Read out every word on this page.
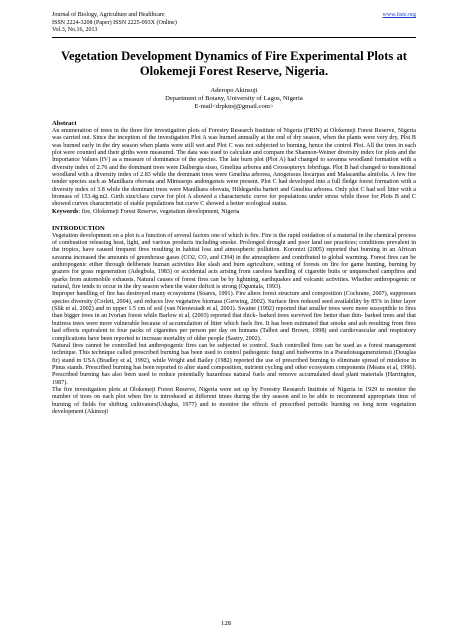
Journal of Biology, Agriculture and Healthcare	www.iiste.org
ISSN 2224-3208 (Paper) ISSN 2225-093X (Online)
Vol.3, No.16, 2013
Vegetation Development Dynamics of Fire Experimental Plots at Olokemeji Forest Reserve, Nigeria.
Aderopo Akinsoji
Department of Botany, University of Lagos, Nigeria
E-mail<drpknsj@gmail.com>
Abstract

An enumeration of trees in the three fire investigation plots of Forestry Research Institute of Nigeria (FRIN) at Olokemeji Forest Reserve, Nigeria was carried out. Since the inception of the investigation Plot A was burned annually at the end of dry season, when the plants were very dry, Plot B was burned early in the dry season when plants were still wet and Plot C was not subjected to burning, hence the control Plot. All the trees in each plot were counted and their girths were measured. The data was used to calculate and compare the Shannon-Weiner diversity index for plots and the Importance Values (IV) as a measure of dominance of the species. The late burn plot (Plot A) had changed to savanna woodland formation with a diversity index of 2.76 and the dominant trees were Dalbergia sisso, Gmelina arborea and Crossopteryx febrifuga. Plot B had changed to transitional woodland with a diversity index of 2.83 while the dominant trees were Gmelina arborea, Anogeissus liocarpus and Malacantha alnifolia. A few fire tender species such as Manilkara obovata and Mimusops andongensis were present. Plot C had developed into a full fledge forest formation with a diversity index of 3.8 while the dominant trees were Manilkara obovata, Hildegardia barteri and Gmelina arborea. Only plot C had soil litter with a biomass of 153.4g.m2. Girth size/class curve for plot A showed a characteristic curve for populations under stress while those for Plots B and C showed curves characteristic of stable populations but curve C showed a better ecological status.

Keywords: fire, Olokemeji Forest Reserve, vegetation development, Nigeria

INTRODUCTION

Vegetation development on a plot is a function of several factors one of which is fire. Fire is the rapid oxidation of a material in the chemical process of combustion releasing heat, light, and various products including smoke. Prolonged drought and poor land use practices; conditions prevalent in the tropics, have caused frequent fires resulting in habitat loss and atmospheric pollution. Korontzi (2005) reported that burning in an African savanna increased the amounts of greenhouse gases (CO2, CO, and CH4) in the atmosphere and contributed to global warming. Forest fires can be anthropogenic either through deliberate human activities like slash and burn agriculture, setting of forests on fire for game hunting, burning by grazers for grass regeneration (Adegbola, 1983) or accidental acts arising from careless handling of cigarette butts or unquenched campfires and sparks from automobile exhausts. Natural causes of forest fires can be by lightning, earthquakes and volcanic activities. Whether anthropogenic or natural, fire tends to occur in the dry season when the water deficit is strong (Oguntala, 1993).

Improper handling of fire has destroyed many ecosystems (Soares, 1991). Fire alters forest structure and composition (Cochrane, 2007), suppresses species diversity (Corlett, 2004), and reduces live vegetative biomass (Gerwing, 2002). Surface fires reduced seed availability by 85% in litter layer (Slik et al, 2002) and in upper 1.5 cm of soil (van Nieuwstadt et al, 2001). Swaine (1992) reported that smaller trees were more susceptible to fires than bigger trees in an Ivorian forest while Barlow et al, (2003) reported that thick- barked trees survived fire better than thin- barked trees and that buttress trees were more vulnerable because of accumulation of litter which fuels fire. It has been estimated that smoke and ash resulting from fires had effects equivalent to four packs of cigarettes per person per day on humans (Talbot and Brown, 1998) and cardiovascular and respiratory complications have been reported to increase mortality of older people (Sastry, 2002).

Natural fires cannot be controlled but anthropogenic fires can be subjected to control. Such controlled fires can be used as a forest management technique. This technique called prescribed burning has been used to control pathogenic fungi and budworms in a Pseudotsugamenziensii (Douglas fir) stand in USA (Bradley et al, 1992), while Wright and Bailey (1982) reported the use of prescribed burning to eliminate spread of mistletoe in Pinus stands. Prescribed burning has been reported to alter stand composition, nutrient cycling and other ecosystem components (Means et al, 1996). Prescribed burning has also been used to reduce potentially hazardous natural fuels and remove accumulated dead plant materials (Harrington, 1987).

The fire investigation plots at Olokemeji Forest Reserve, Nigeria were set up by Forestry Research Institute of Nigeria in 1929 to monitor the number of trees on each plot when fire is introduced at different times during the dry season and to be able to recommend appropriate time of burning of fields for shifting cultivators(Udugba, 1977) and to monitor the effects of prescribed periodic burning on long term vegetation development (Akinsoji

128
